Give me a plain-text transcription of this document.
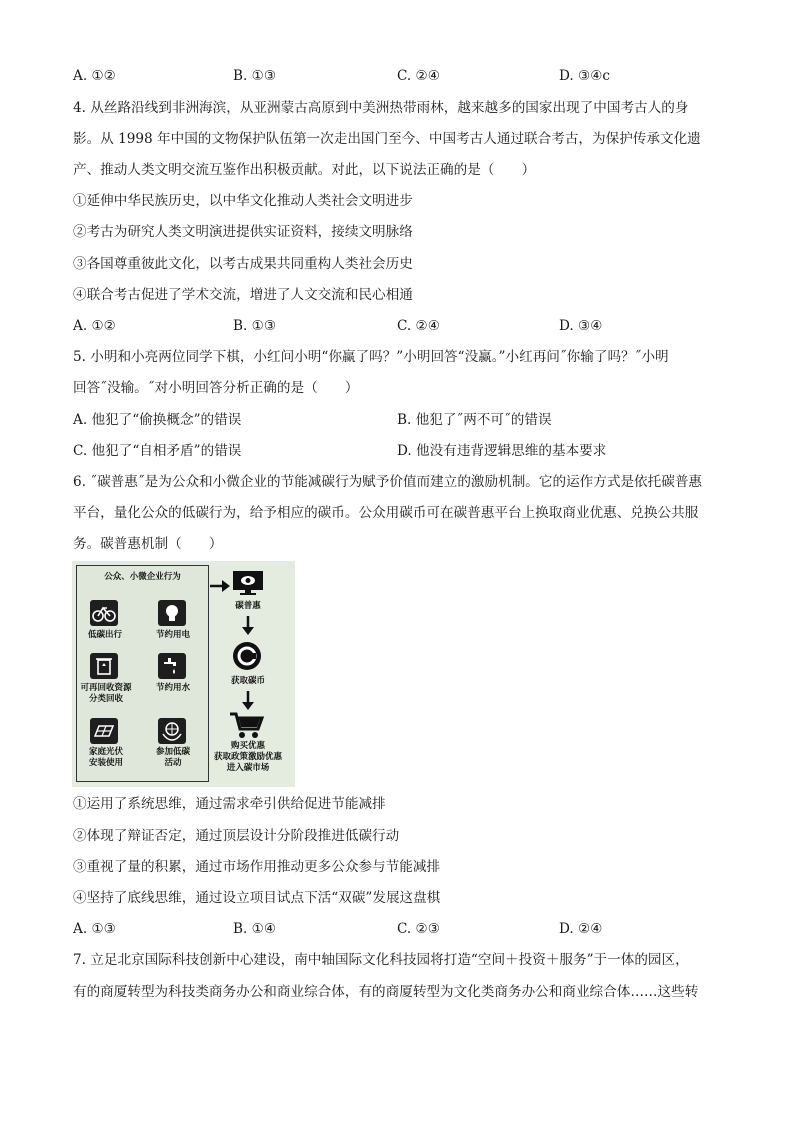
A. ①②	B. ①③	C. ②④	D. ③④c
4. 从丝路沿线到非洲海滨，从亚洲蒙古高原到中美洲热带雨林，越来越多的国家出现了中国考古人的身
影。从 1998 年中国的文物保护队伍第一次走出国门至今、中国考古人通过联合考古，为保护传承文化遗
产、推动人类文明交流互鉴作出积极贡献。对此，以下说法正确的是（　　）
①延伸中华民族历史，以中华文化推动人类社会文明进步
②考古为研究人类文明演进提供实证资料，接续文明脉络
③各国尊重彼此文化，以考古成果共同重构人类社会历史
④联合考古促进了学术交流，增进了人文交流和民心相通
A. ①②	B. ①③	C. ②④	D. ③④
5. 小明和小亮两位同学下棋，小红问小明“你赢了吗？”小明回答“没赢。”小红再问˝你输了吗？˝小明
回答˝没输。˝对小明回答分析正确的是（　　）
A. 他犯了“偷换概念”的错误	B. 他犯了˝两不可˝的错误
C. 他犯了“自相矛盾”的错误	D. 他没有违背逻辑思维的基本要求
6. ˝碳普惠˝是为公众和小微企业的节能减碳行为赋予价值而建立的激励机制。它的运作方式是依托碳普惠
平台，量化公众的低碳行为，给予相应的碳币。公众用碳币可在碳普惠平台上换取商业优惠、兑换公共服
务。碳普惠机制（　　）
公众、小微企业行为
低碳出行	节约用电
可再回收资源
分类回收
节约用水
家庭光伏
安装使用
参加低碳
活动
碳普惠
获取碳币
购买优惠
获取政策激励优惠
进入碳市场
①运用了系统思维，通过需求牵引供给促进节能减排
②体现了辩证否定，通过顶层设计分阶段推进低碳行动
③重视了量的积累，通过市场作用推动更多公众参与节能减排
④坚持了底线思维，通过设立项目试点下活“双碳”发展这盘棋
A. ①③	B. ①④	C. ②③	D. ②④
7. 立足北京国际科技创新中心建设，南中轴国际文化科技园将打造“空间＋投资＋服务”于一体的园区，
有的商厦转型为科技类商务办公和商业综合体，有的商厦转型为文化类商务办公和商业综合体……这些转
